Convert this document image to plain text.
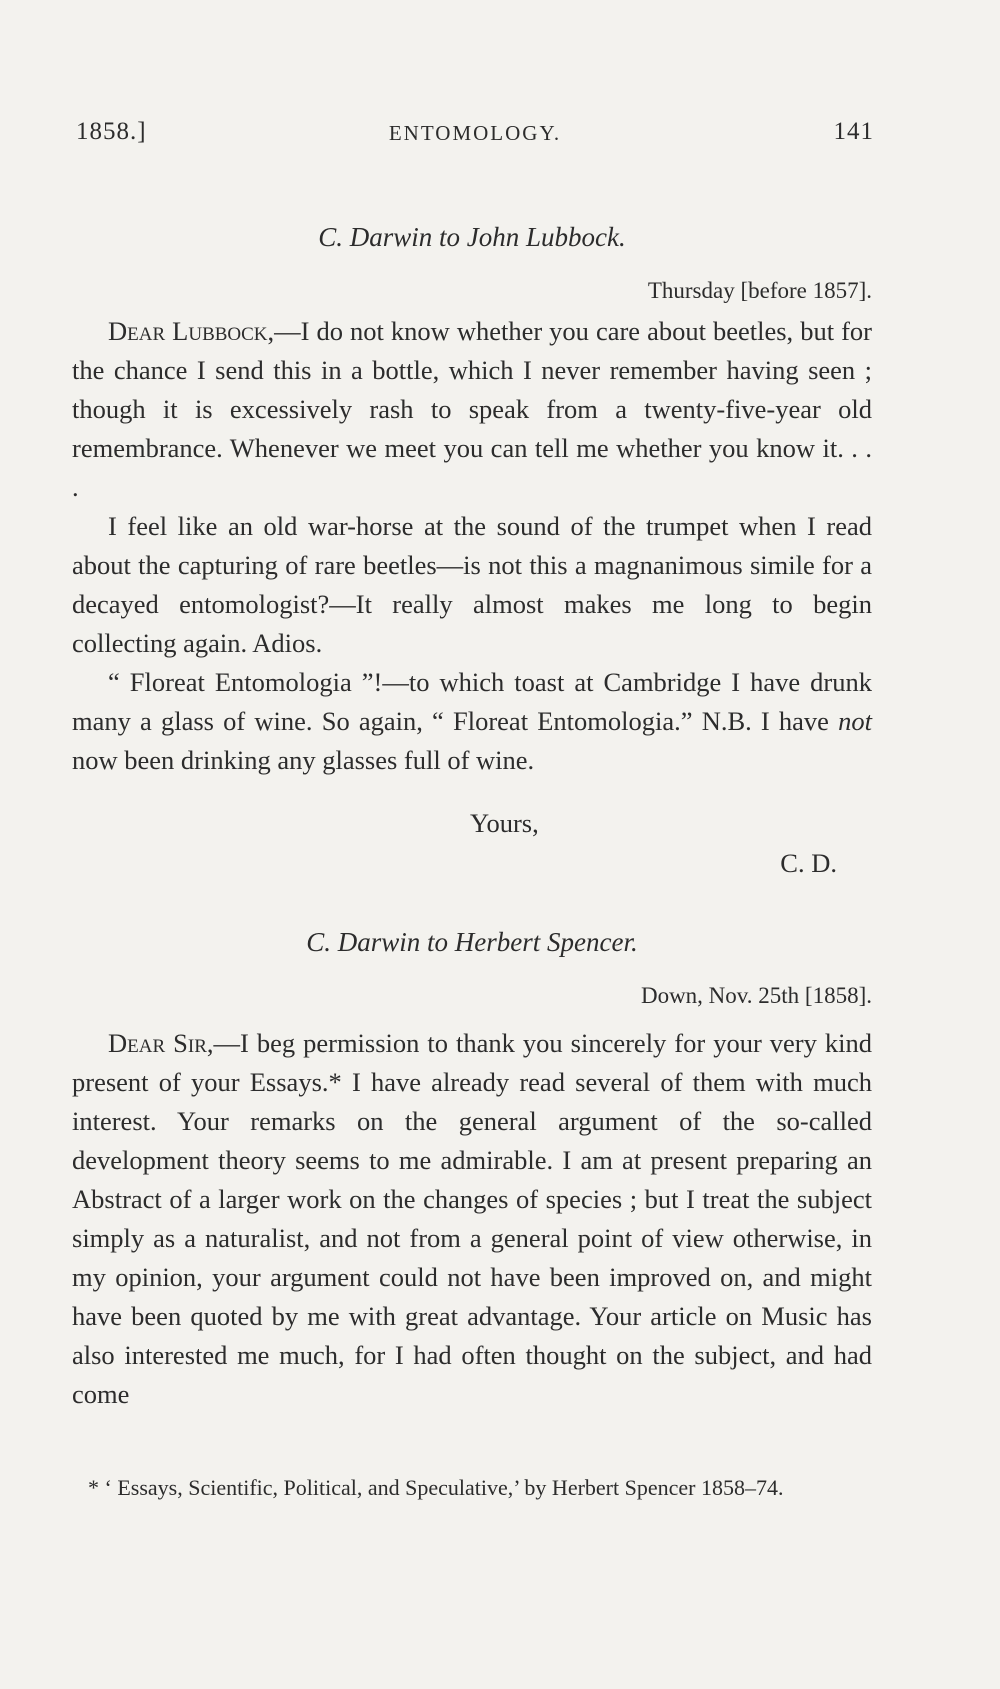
1858.]	ENTOMOLOGY.	141
C. Darwin to John Lubbock.
Thursday [before 1857].
Dear Lubbock,—I do not know whether you care about beetles, but for the chance I send this in a bottle, which I never remember having seen ; though it is excessively rash to speak from a twenty-five-year old remembrance. Whenever we meet you can tell me whether you know it. . . .
I feel like an old war-horse at the sound of the trumpet when I read about the capturing of rare beetles—is not this a magnanimous simile for a decayed entomologist?—It really almost makes me long to begin collecting again. Adios.
“ Floreat Entomologia ”!—to which toast at Cambridge I have drunk many a glass of wine. So again, “ Floreat Entomologia.” N.B. I have not now been drinking any glasses full of wine.
Yours,
C. D.
C. Darwin to Herbert Spencer.
Down, Nov. 25th [1858].
Dear Sir,—I beg permission to thank you sincerely for your very kind present of your Essays.* I have already read several of them with much interest. Your remarks on the general argument of the so-called development theory seems to me admirable. I am at present preparing an Abstract of a larger work on the changes of species ; but I treat the subject simply as a naturalist, and not from a general point of view otherwise, in my opinion, your argument could not have been improved on, and might have been quoted by me with great advantage. Your article on Music has also interested me much, for I had often thought on the subject, and had come
* ‘ Essays, Scientific, Political, and Speculative,’ by Herbert Spencer 1858–74.
